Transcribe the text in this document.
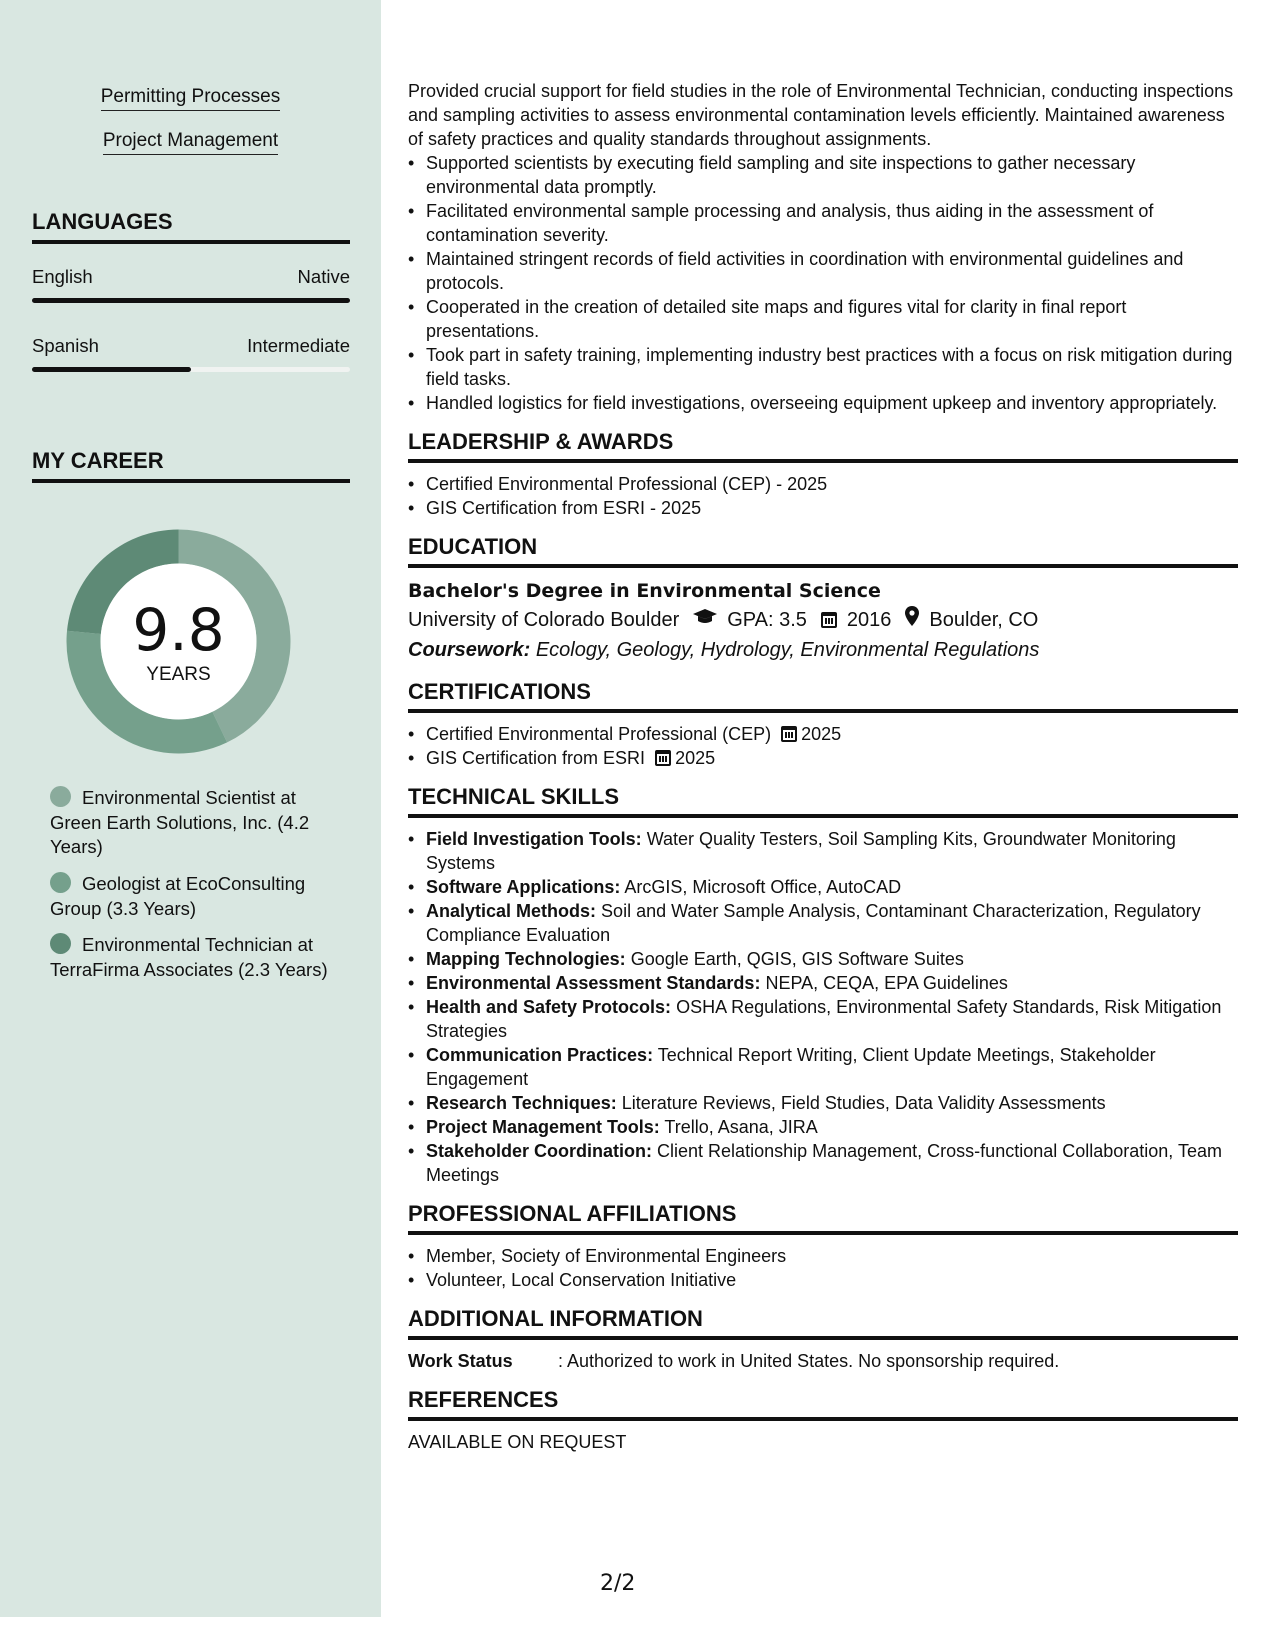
Permitting Processes
Project Management
LANGUAGES
English	Native
Spanish	Intermediate
MY CAREER
9.8
YEARS
Environmental Scientist at Green Earth Solutions, Inc. (4.2 Years)
Geologist at EcoConsulting Group (3.3 Years)
Environmental Technician at TerraFirma Associates (2.3 Years)

Provided crucial support for field studies in the role of Environmental Technician, conducting inspections and sampling activities to assess environmental contamination levels efficiently. Maintained awareness of safety practices and quality standards throughout assignments.

• Supported scientists by executing field sampling and site inspections to gather necessary environmental data promptly.
• Facilitated environmental sample processing and analysis, thus aiding in the assessment of contamination severity.
• Maintained stringent records of field activities in coordination with environmental guidelines and protocols.
• Cooperated in the creation of detailed site maps and figures vital for clarity in final report presentations.
• Took part in safety training, implementing industry best practices with a focus on risk mitigation during field tasks.
• Handled logistics for field investigations, overseeing equipment upkeep and inventory appropriately.
LEADERSHIP & AWARDS
• Certified Environmental Professional (CEP) - 2025
• GIS Certification from ESRI - 2025
EDUCATION
Bachelor's Degree in Environmental Science
University of Colorado Boulder GPA: 3.5 2016 Boulder, CO
Coursework: Ecology, Geology, Hydrology, Environmental Regulations
CERTIFICATIONS
• Certified Environmental Professional (CEP) 2025
• GIS Certification from ESRI 2025
TECHNICAL SKILLS
• Field Investigation Tools: Water Quality Testers, Soil Sampling Kits, Groundwater Monitoring Systems
• Software Applications: ArcGIS, Microsoft Office, AutoCAD
• Analytical Methods: Soil and Water Sample Analysis, Contaminant Characterization, Regulatory Compliance Evaluation
• Mapping Technologies: Google Earth, QGIS, GIS Software Suites
• Environmental Assessment Standards: NEPA, CEQA, EPA Guidelines
• Health and Safety Protocols: OSHA Regulations, Environmental Safety Standards, Risk Mitigation Strategies
• Communication Practices: Technical Report Writing, Client Update Meetings, Stakeholder Engagement
• Research Techniques: Literature Reviews, Field Studies, Data Validity Assessments
• Project Management Tools: Trello, Asana, JIRA
• Stakeholder Coordination: Client Relationship Management, Cross-functional Collaboration, Team Meetings
PROFESSIONAL AFFILIATIONS
• Member, Society of Environmental Engineers
• Volunteer, Local Conservation Initiative
ADDITIONAL INFORMATION
Work Status	: Authorized to work in United States. No sponsorship required.
REFERENCES
AVAILABLE ON REQUEST
2/2
